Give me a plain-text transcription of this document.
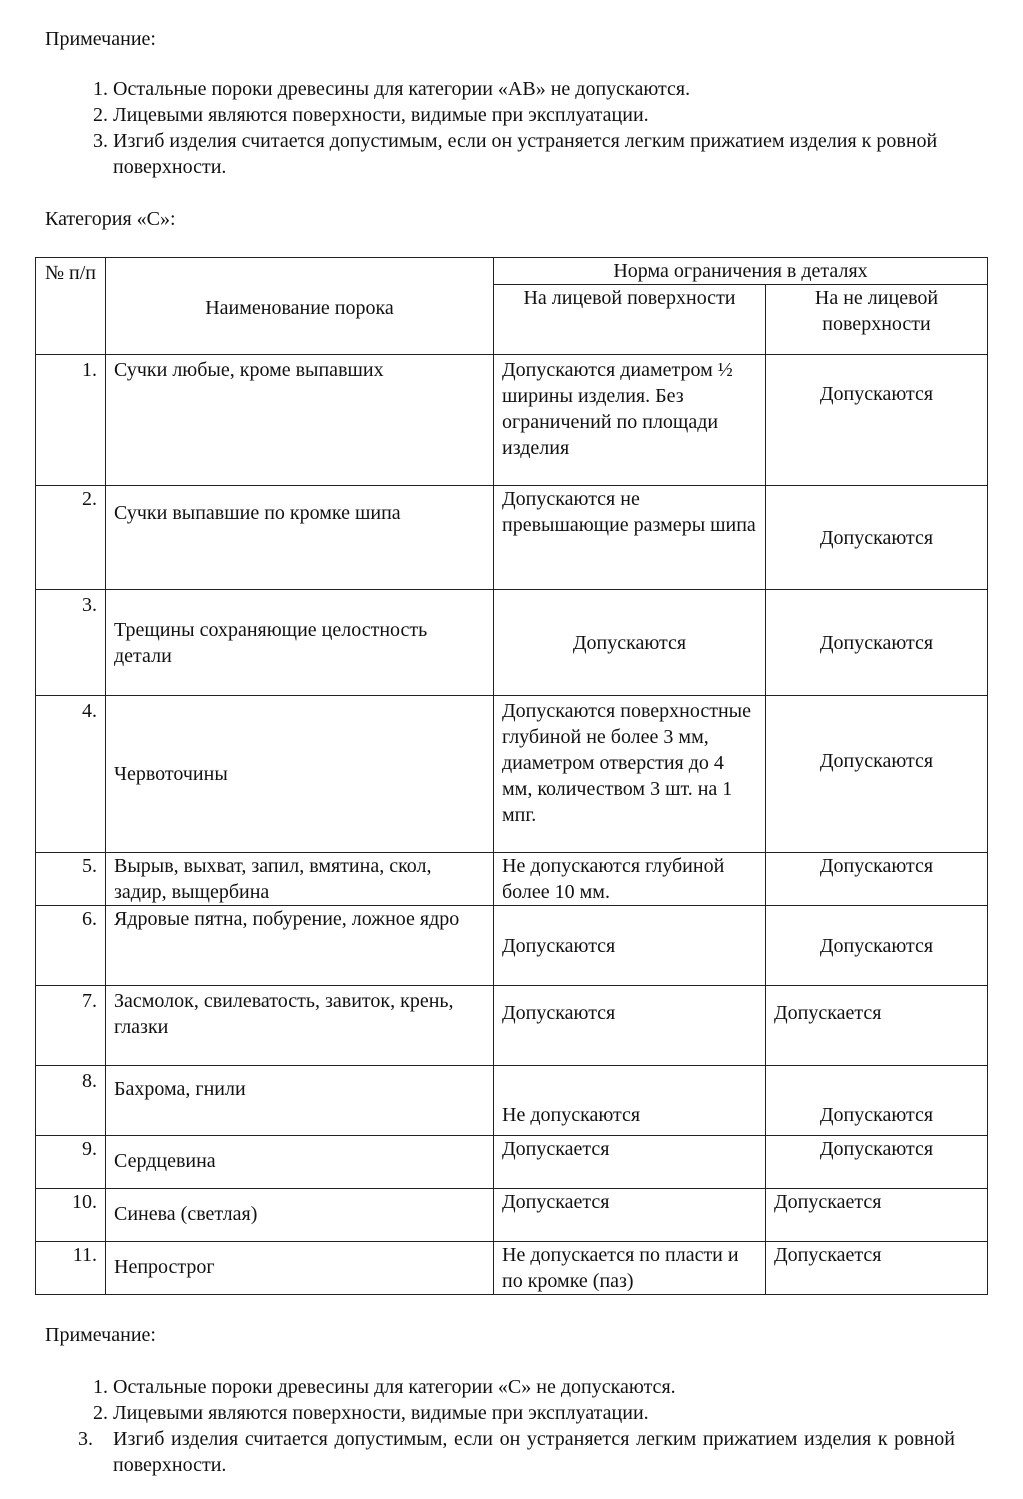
Примечание:
1. Остальные пороки древесины для категории «АВ» не допускаются.
2. Лицевыми являются поверхности, видимые при эксплуатации.
3. Изгиб изделия считается допустимым, если он устраняется легким прижатием изделия к ровной поверхности.
Категория «С»:
№ п/п	Наименование порока	Норма ограничения в деталях	
		На лицевой поверхности	На не лицевой поверхности
1.	Сучки любые, кроме выпавших	Допускаются диаметром ½ ширины изделия. Без ограничений по площади изделия	Допускаются
2.	Сучки выпавшие по кромке шипа	Допускаются не превышающие размеры шипа	Допускаются
3.	Трещины сохраняющие целостность детали	Допускаются	Допускаются
4.	Червоточины	Допускаются поверхностные глубиной не более 3 мм, диаметром отверстия до 4 мм, количеством 3 шт. на 1 мпг.	Допускаются
5.	Вырыв, выхват, запил, вмятина, скол, задир, выщербина	Не допускаются глубиной более 10 мм.	Допускаются
6.	Ядровые пятна, побурение, ложное ядро	Допускаются	Допускаются
7.	Засмолок, свилеватость, завиток, крень, глазки	Допускаются	Допускается
8.	Бахрома, гнили	Не допускаются	Допускаются
9.	Сердцевина	Допускается	Допускаются
10.	Синева (светлая)	Допускается	Допускается
11.	Непрострог	Не допускается по пласти и по кромке (паз)	Допускается
Примечание:
1. Остальные пороки древесины для категории «С» не допускаются.
2. Лицевыми являются поверхности, видимые при эксплуатации.
3.	Изгиб изделия считается допустимым, если он устраняется легким прижатием изделия к ровной поверхности.
